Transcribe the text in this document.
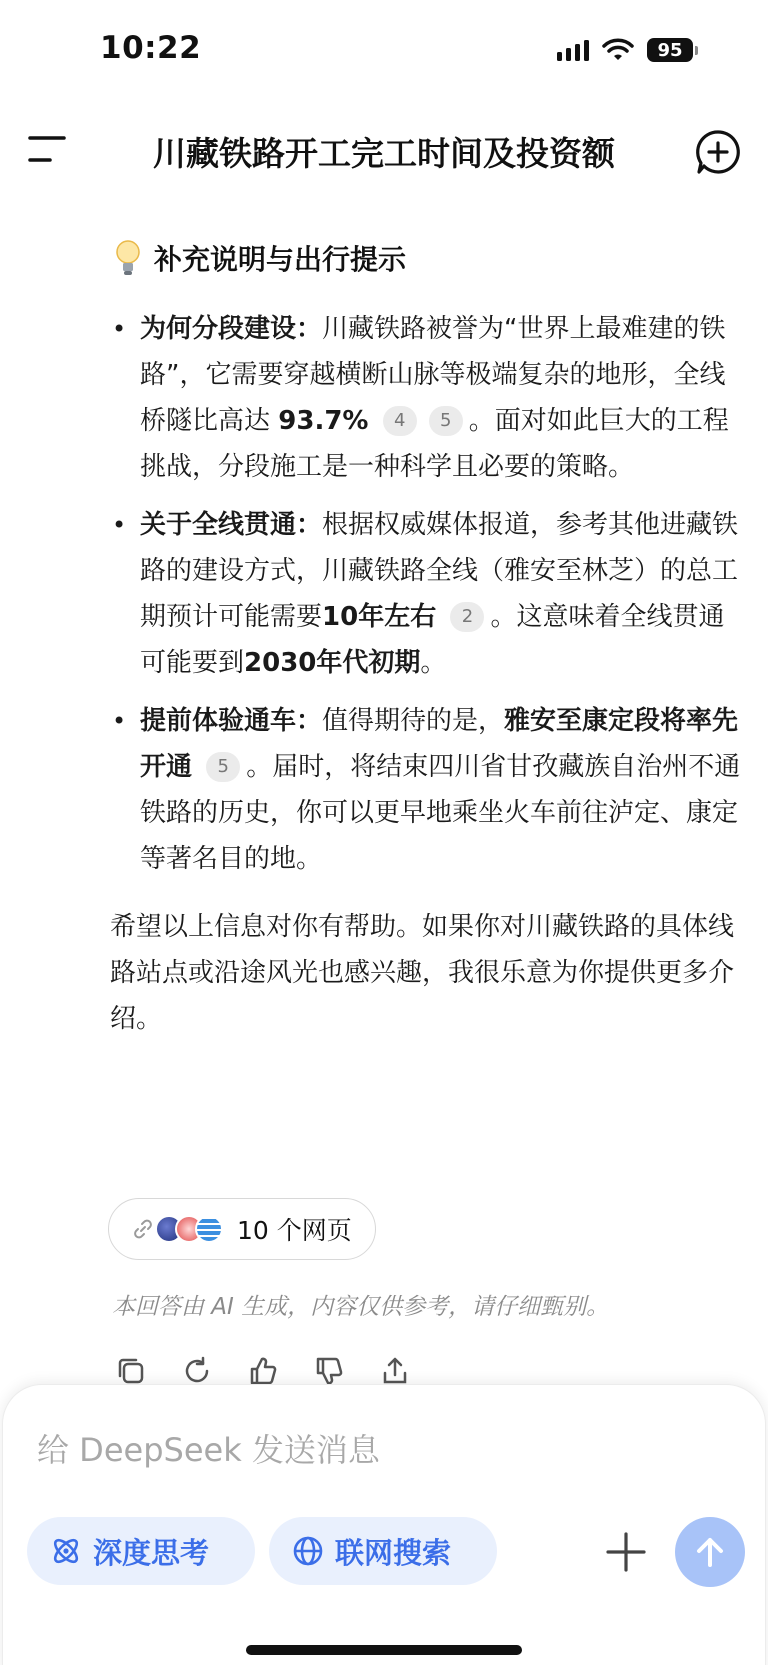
10:22	95
川藏铁路开工完工时间及投资额
补充说明与出行提示
• 为何分段建设：川藏铁路被誉为“世界上最难建的铁路”，它需要穿越横断山脉等极端复杂的地形，全线桥隧比高达 93.7% 4 5 。面对如此巨大的工程挑战，分段施工是一种科学且必要的策略。
• 关于全线贯通：根据权威媒体报道，参考其他进藏铁路的建设方式，川藏铁路全线（雅安至林芝）的总工期预计可能需要10年左右 2 。这意味着全线贯通可能要到2030年代初期。
• 提前体验通车：值得期待的是，雅安至康定段将率先开通 5 。届时，将结束四川省甘孜藏族自治州不通铁路的历史，你可以更早地乘坐火车前往泸定、康定等著名目的地。

希望以上信息对你有帮助。如果你对川藏铁路的具体线路站点或沿途风光也感兴趣，我很乐意为你提供更多介绍。

10 个网页
本回答由 AI 生成，内容仅供参考，请仔细甄别。
给 DeepSeek 发送消息
深度思考	联网搜索
